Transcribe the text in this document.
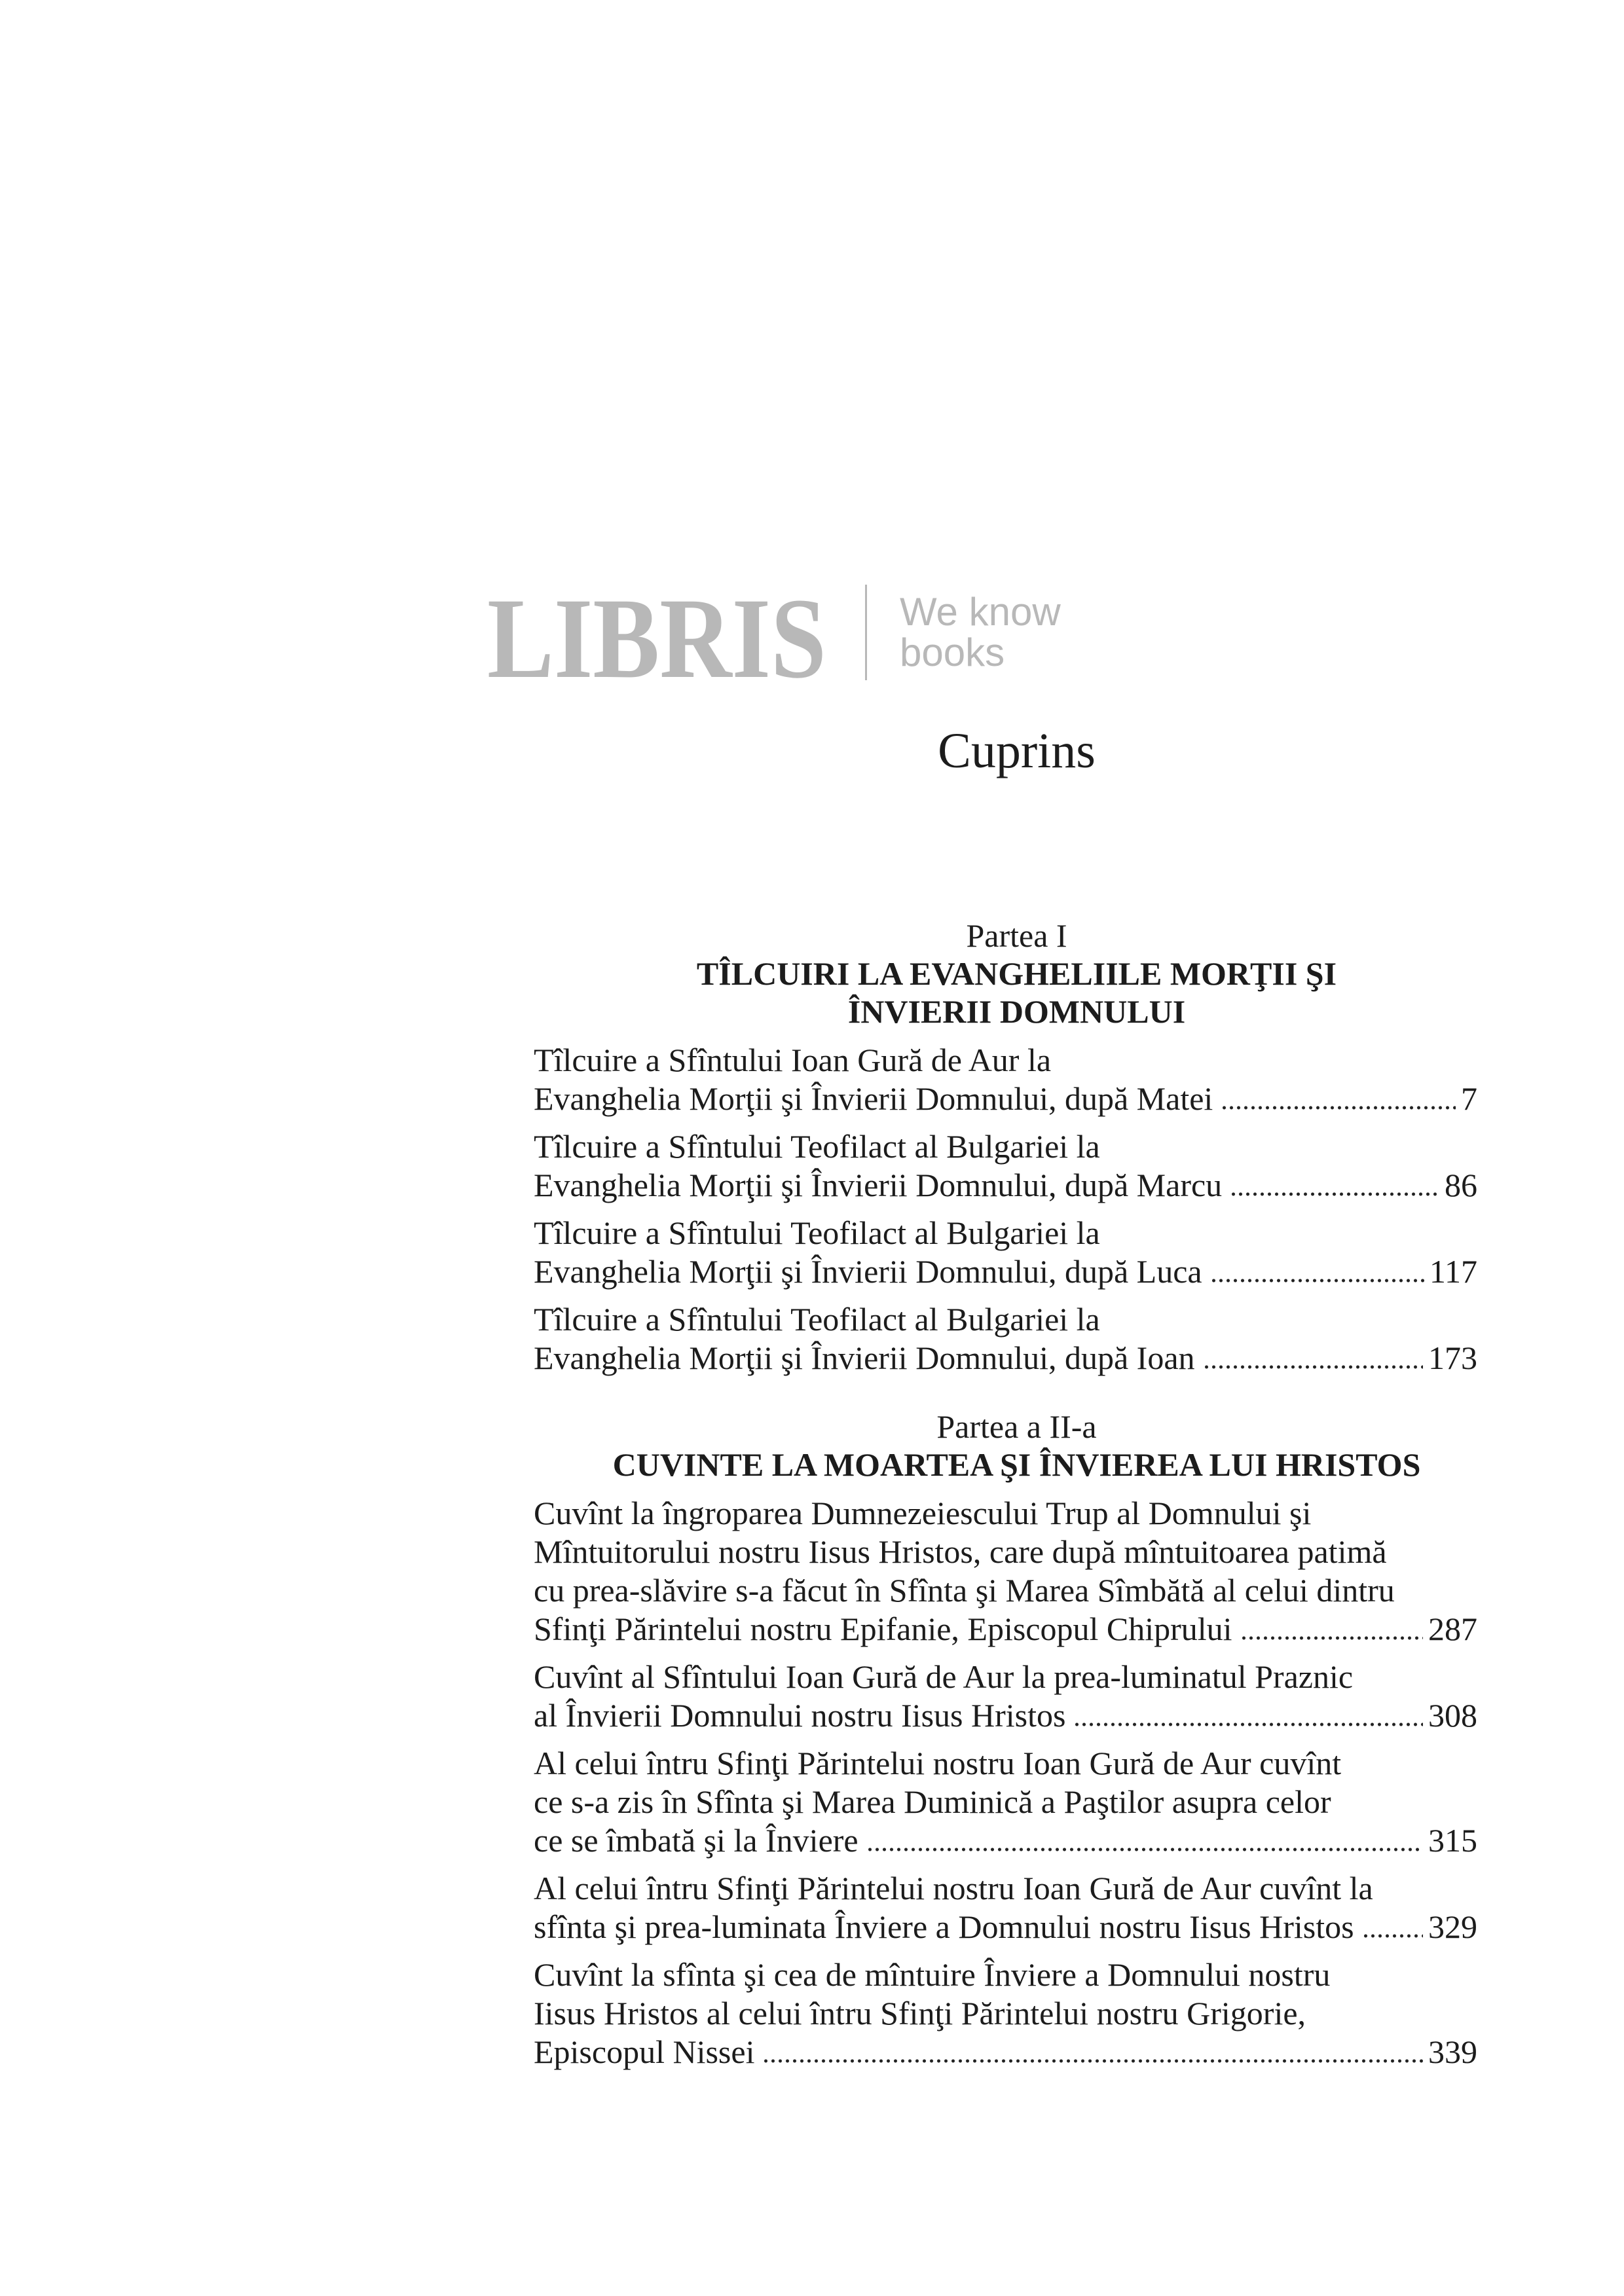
LIBRIS We know
books
Cuprins
Partea I
TÎLCUIRI LA EVANGHELIILE MORŢII ŞI
ÎNVIERII DOMNULUI
Tîlcuire a Sfîntului Ioan Gură de Aur la
Evanghelia Morţii şi Învierii Domnului, după Matei	7
Tîlcuire a Sfîntului Teofilact al Bulgariei la
Evanghelia Morţii şi Învierii Domnului, după Marcu	86
Tîlcuire a Sfîntului Teofilact al Bulgariei la
Evanghelia Morţii şi Învierii Domnului, după Luca	117
Tîlcuire a Sfîntului Teofilact al Bulgariei la
Evanghelia Morţii şi Învierii Domnului, după Ioan	173
Partea a II-a
CUVINTE LA MOARTEA ŞI ÎNVIEREA LUI HRISTOS
Cuvînt la îngroparea Dumnezeiescului Trup al Domnului şi
Mîntuitorului nostru Iisus Hristos, care după mîntuitoarea patimă
cu prea-slăvire s-a făcut în Sfînta şi Marea Sîmbătă al celui dintru
Sfinţi Părintelui nostru Epifanie, Episcopul Chiprului	287
Cuvînt al Sfîntului Ioan Gură de Aur la prea-luminatul Praznic
al Învierii Domnului nostru Iisus Hristos	308
Al celui întru Sfinţi Părintelui nostru Ioan Gură de Aur cuvînt
ce s-a zis în Sfînta şi Marea Duminică a Paştilor asupra celor
ce se îmbată şi la Înviere	315
Al celui întru Sfinţi Părintelui nostru Ioan Gură de Aur cuvînt la
sfînta şi prea-luminata Înviere a Domnului nostru Iisus Hristos 329
Cuvînt la sfînta şi cea de mîntuire Înviere a Domnului nostru
Iisus Hristos al celui întru Sfinţi Părintelui nostru Grigorie,
Episcopul Nissei	339
